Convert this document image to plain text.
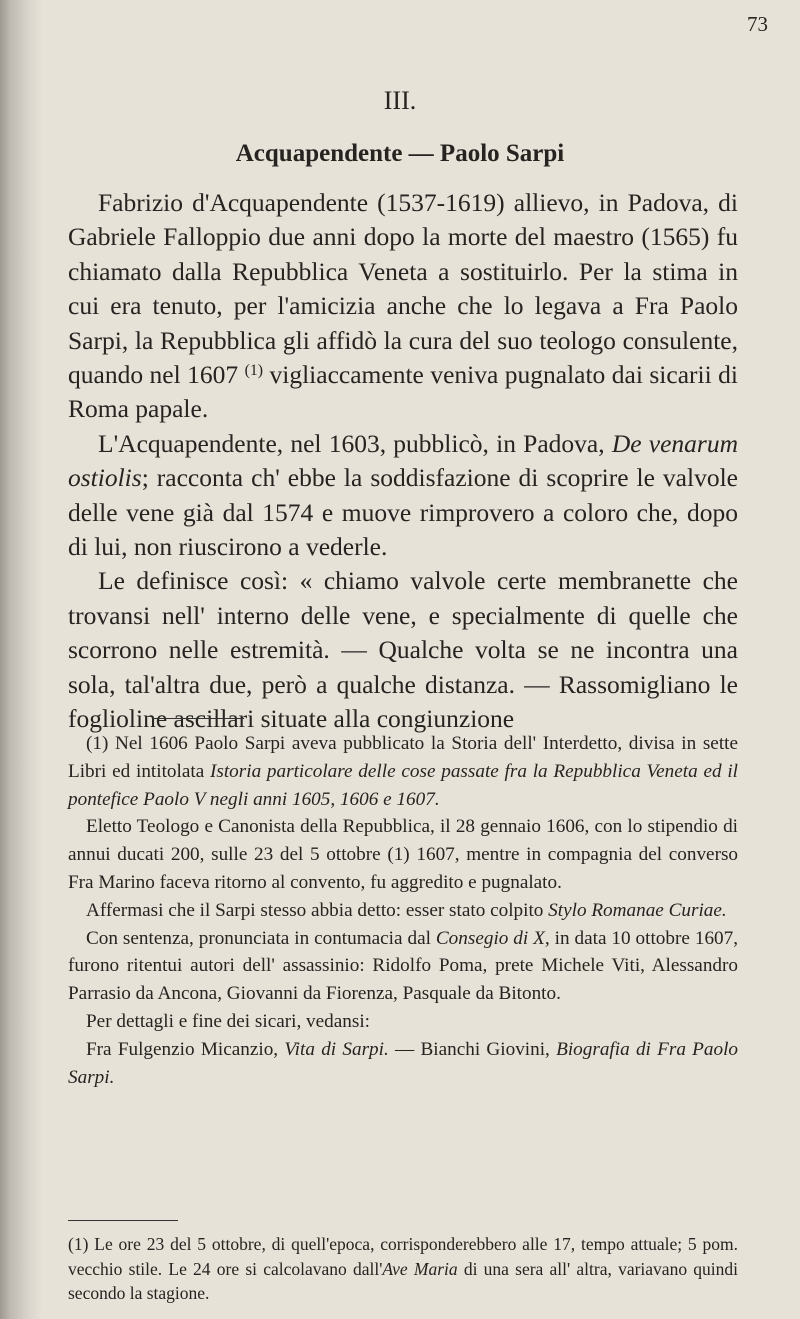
73
III.
Acquapendente — Paolo Sarpi

Fabrizio d'Acquapendente (1537-1619) allievo, in Padova, di Gabriele Falloppio due anni dopo la morte del maestro (1565) fu chiamato dalla Repubblica Veneta a sostituirlo. Per la stima in cui era tenuto, per l'amicizia anche che lo legava a Fra Paolo Sarpi, la Repubblica gli affidò la cura del suo teologo consulente, quando nel 1607 $^{(1)}$ vigliaccamente veniva pugnalato dai sicarii di Roma papale.

L'Acquapendente, nel 1603, pubblicò, in Padova, De venarum ostiolis; racconta ch' ebbe la soddisfazione di scoprire le valvole delle vene già dal 1574 e muove rimprovero a coloro che, dopo di lui, non riuscirono a vederle.

Le definisce così: « chiamo valvole certe membranette che trovansi nell' interno delle vene, e specialmente di quelle che scorrono nelle estremità. — Qualche volta se ne incontra una sola, tal'altra due, però a qualche distanza. — Rassomigliano le foglioline ascillari situate alla congiunzione

(1) Nel 1606 Paolo Sarpi aveva pubblicato la Storia dell' Interdetto, divisa in sette Libri ed intitolata Istoria particolare delle cose passate fra la Repubblica Veneta ed il pontefice Paolo V negli anni 1605, 1606 e 1607.

Eletto Teologo e Canonista della Repubblica, il 28 gennaio 1606, con lo stipendio di annui ducati 200, sulle 23 del 5 ottobre (1) 1607, mentre in compagnia del converso Fra Marino faceva ritorno al convento, fu aggredito e pugnalato.

Affermasi che il Sarpi stesso abbia detto: esser stato colpito Stylo Romanae Curiae.

Con sentenza, pronunciata in contumacia dal Consegio di X, in data 10 ottobre 1607, furono ritentui autori dell' assassinio: Ridolfo Poma, prete Michele Viti, Alessandro Parrasio da Ancona, Giovanni da Fiorenza, Pasquale da Bitonto.

Per dettagli e fine dei sicari, vedansi:

Fra Fulgenzio Micanzio, Vita di Sarpi. — Bianchi Giovini, Biografia di Fra Paolo Sarpi.

(1) Le ore 23 del 5 ottobre, di quell'epoca, corrisponderebbero alle 17, tempo attuale; 5 pom. vecchio stile. Le 24 ore si calcolavano dall'Ave Maria di una sera all' altra, variavano quindi secondo la stagione.
